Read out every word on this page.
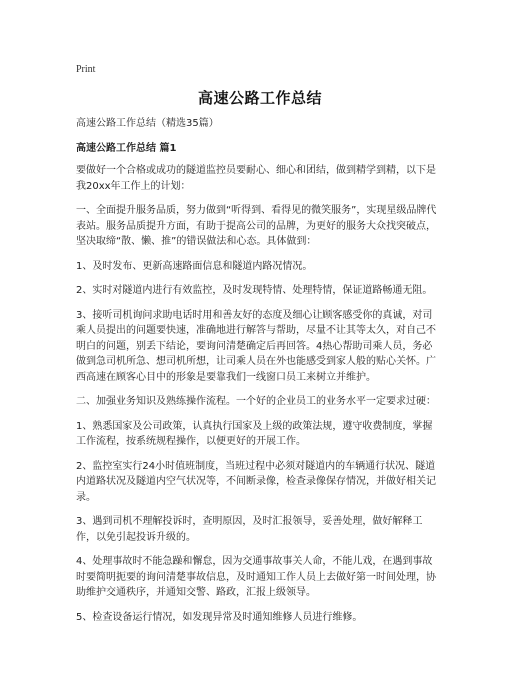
Print
高速公路工作总结

高速公路工作总结（精选35篇）

高速公路工作总结 篇1

要做好一个合格或成功的隧道监控员要耐心、细心和团结，做到精学到精，以下是我20xx年工作上的计划：

一、全面提升服务品质，努力做到“听得到、看得见的微笑服务”，实现星级品牌代表站。服务品质提升方面，有助于提高公司的品牌，为更好的服务大众找突破点，坚决取缔“散、懒、推”的错误做法和心态。具体做到：

1、及时发布、更新高速路面信息和隧道内路况情况。

2、实时对隧道内进行有效监控，及时发现特情、处理特情，保证道路畅通无阻。

3、接听司机询问求助电话时用和善友好的态度及细心让顾客感受你的真诚，对司乘人员提出的问题要快速，准确地进行解答与帮助，尽量不让其等太久，对自己不明白的问题，别丢下结论，要询问清楚确定后再回答。4热心帮助司乘人员，务必做到急司机所急、想司机所想，让司乘人员在外也能感受到家人般的贴心关怀。广西高速在顾客心目中的形象是要靠我们一线窗口员工来树立并维护。

二、加强业务知识及熟练操作流程。一个好的企业员工的业务水平一定要求过硬：

1、熟悉国家及公司政策，认真执行国家及上级的政策法规，遵守收费制度，掌握工作流程，按系统规程操作，以便更好的开展工作。

2、监控室实行24小时值班制度，当班过程中必须对隧道内的车辆通行状况、隧道内道路状况及隧道内空气状况等，不间断录像，检查录像保存情况，并做好相关记录。

3、遇到司机不理解投诉时，查明原因，及时汇报领导，妥善处理，做好解释工作，以免引起投诉升级的。

4、处理事故时不能急躁和懈怠，因为交通事故事关人命，不能儿戏，在遇到事故时要简明扼要的询问清楚事故信息，及时通知工作人员上去做好第一时间处理，协助维护交通秩序，并通知交警、路政，汇报上级领导。

5、检查设备运行情况，如发现异常及时通知维修人员进行维修。
